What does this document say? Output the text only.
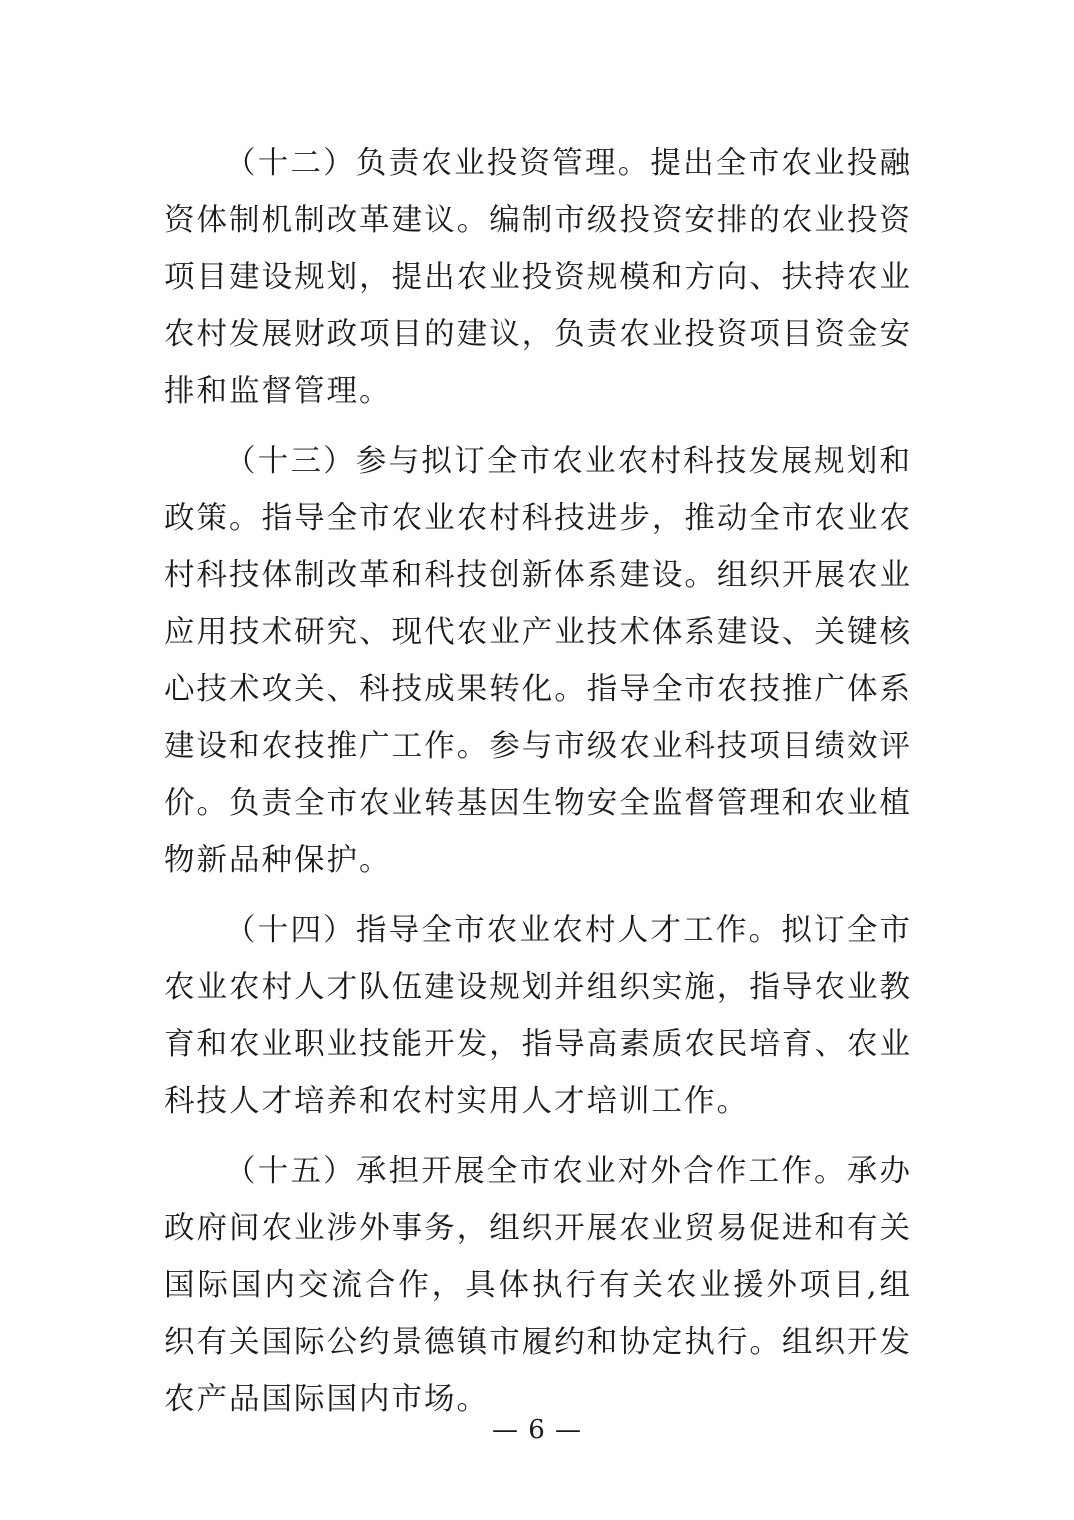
（十二）负责农业投资管理。提出全市农业投融资体制机制改革建议。编制市级投资安排的农业投资项目建设规划，提出农业投资规模和方向、扶持农业农村发展财政项目的建议，负责农业投资项目资金安排和监督管理。

（十三）参与拟订全市农业农村科技发展规划和政策。指导全市农业农村科技进步，推动全市农业农村科技体制改革和科技创新体系建设。组织开展农业应用技术研究、现代农业产业技术体系建设、关键核心技术攻关、科技成果转化。指导全市农技推广体系建设和农技推广工作。参与市级农业科技项目绩效评价。负责全市农业转基因生物安全监督管理和农业植物新品种保护。

（十四）指导全市农业农村人才工作。拟订全市农业农村人才队伍建设规划并组织实施，指导农业教育和农业职业技能开发，指导高素质农民培育、农业科技人才培养和农村实用人才培训工作。

（十五）承担开展全市农业对外合作工作。承办政府间农业涉外事务，组织开展农业贸易促进和有关国际国内交流合作，具体执行有关农业援外项目,组织有关国际公约景德镇市履约和协定执行。组织开发农产品国际国内市场。

— 6 —
